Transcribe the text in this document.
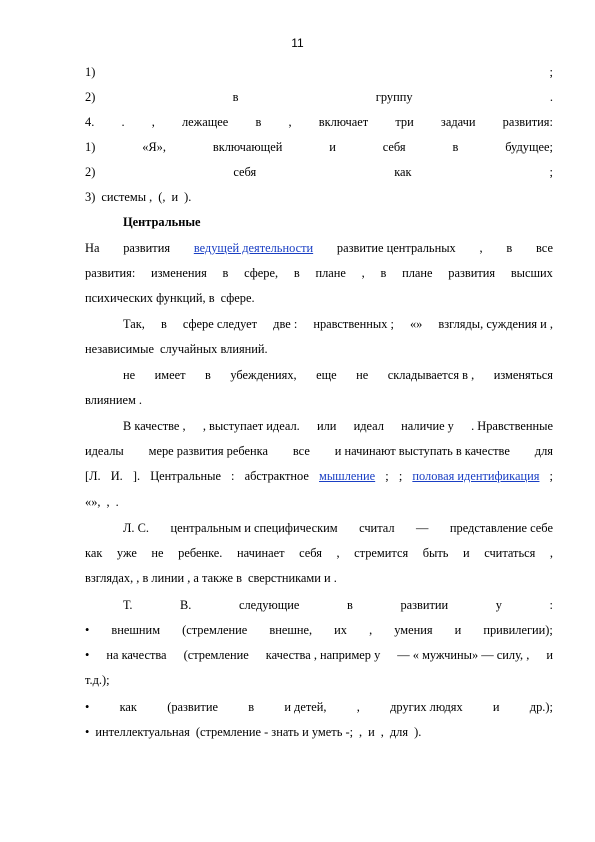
11
1)	;
2)	в	группу	.
4. . , лежащее в , включает три задачи развития:
1)	«Я»,	включающей	и	себя	в	будущее;
2)	себя	как	;
3) системы , (, и ).
Центральные
На развития ведущей деятельности развитие центральных , в все
развития: изменения в сфере, в плане , в плане развития высших
психических функций, в сфере.
Так, в сфере следует две : нравственных ; «» взгляды, суждения и ,
независимые случайных влияний.
не имеет в убеждениях, еще не складывается в , изменяться
влиянием .
В качестве , , выступает идеал. или идеал наличие у . Нравственные
идеалы мере развития ребенка все и начинают выступать в качестве для
[Л. И. ]. Центральные : абстрактное мышление ; ; половая идентификация ;
«», , .
Л. С. центральным и специфическим считал — представление себе
как уже не ребенке. начинает себя , стремится быть и считаться ,
взглядах, , в линии , а также в сверстниками и .
Т.	В.	следующие	в	развитии	у	:
• внешним (стремление внешне, их , умения и привилегии);
• на качества (стремление качества , например у — « мужчины» — силу, , и
т.д.);
• как (развитие в и детей, , других людях и др.);
• интеллектуальная (стремление - знать и уметь -; , и , для ).
